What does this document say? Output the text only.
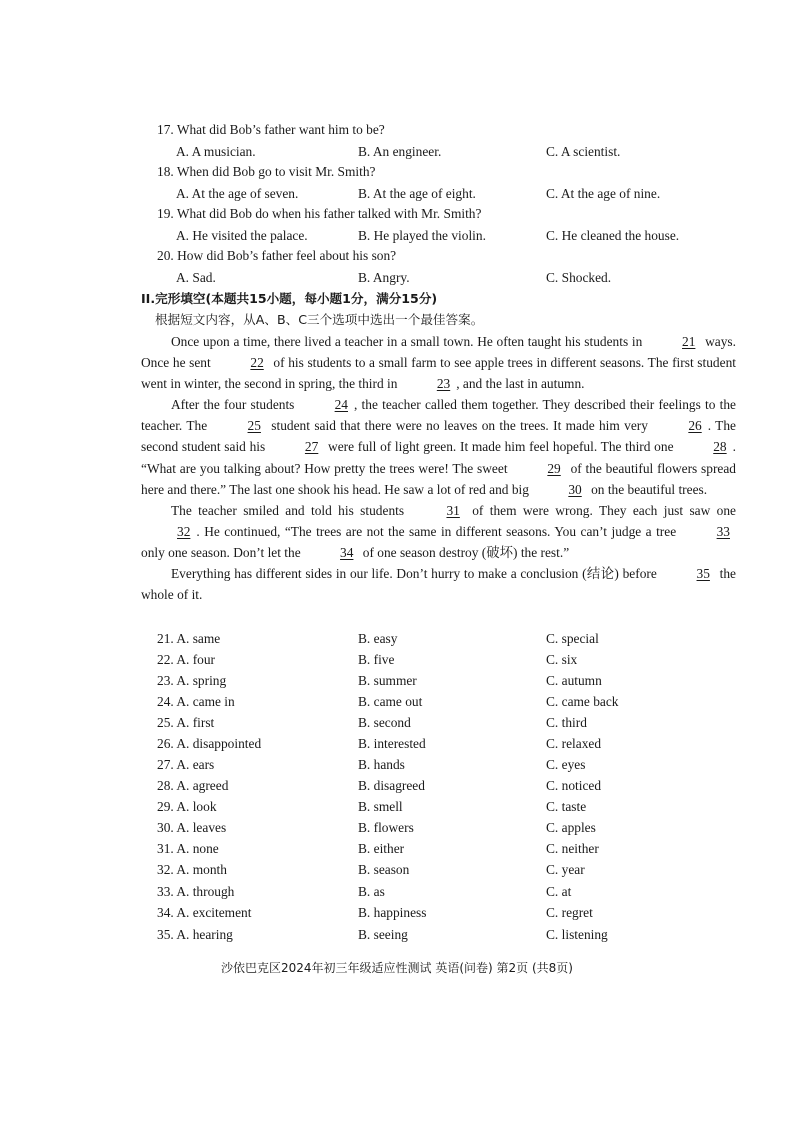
17. What did Bob’s father want him to be?
A. A musician.	B. An engineer.	C. A scientist.
18. When did Bob go to visit Mr. Smith?
A. At the age of seven.	B. At the age of eight.	C. At the age of nine.
19. What did Bob do when his father talked with Mr. Smith?
A. He visited the palace.	B. He played the violin.	C. He cleaned the house.
20. How did Bob’s father feel about his son?
A. Sad.	B. Angry.	C. Shocked.
II.完形填空(本题共15小题，每小题1分，满分15分)
根据短文内容，从A、B、C三个选项中选出一个最佳答案。

Once upon a time, there lived a teacher in a small town. He often taught his students in	21 ways. Once he sent	22 of his students to a small farm to see apple trees in different seasons. The first student went in winter, the second in spring, the third in	23 , and the last in autumn.

After the four students	24 , the teacher called them together. They described their feelings to the teacher. The	25 student said that there were no leaves on the trees. It made him very	26 . The second student said his	27 were full of light green. It made him feel hopeful. The third one	28 . “What are you talking about? How pretty the trees were! The sweet	29 of the beautiful flowers spread here and there.” The last one shook his head. He saw a lot of red and big	30 on the beautiful trees.

The teacher smiled and told his students	31 of them were wrong. They each just saw one 32 . He continued, “The trees are not the same in different seasons. You can’t judge a tree	33 only one season. Don’t let the	34 of one season destroy (破坏) the rest.”

Everything has different sides in our life. Don’t hurry to make a conclusion (结论) before	35 the whole of it.

21. A. same	B. easy	C. special
22. A. four	B. five	C. six
23. A. spring	B. summer	C. autumn
24. A. came in	B. came out	C. came back
25. A. first	B. second	C. third
26. A. disappointed	B. interested	C. relaxed
27. A. ears	B. hands	C. eyes
28. A. agreed	B. disagreed	C. noticed
29. A. look	B. smell	C. taste
30. A. leaves	B. flowers	C. apples
31. A. none	B. either	C. neither
32. A. month	B. season	C. year
33. A. through	B. as	C. at
34. A. excitement	B. happiness	C. regret
35. A. hearing	B. seeing	C. listening
沙依巴克区2024年初三年级适应性测试 英语(问卷) 第2页 (共8页)
